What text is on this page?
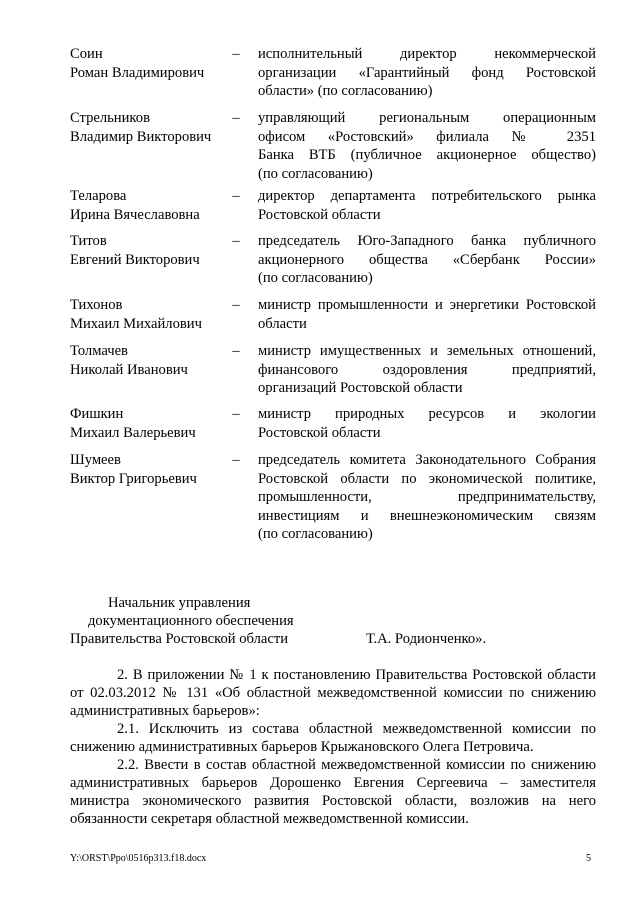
Соин
Роман Владимирович
– исполнительный директор некоммерческой
организации «Гарантийный фонд Ростовской
области» (по согласованию)
Стрельников
Владимир Викторович
– управляющий региональным операционным
офисом «Ростовский» филиала № 2351
Банка ВТБ (публичное акционерное общество)
(по согласованию)
Теларова
Ирина Вячеславовна
– директор департамента потребительского рынка
Ростовской области
Титов
Евгений Викторович
– председатель Юго-Западного банка публичного
акционерного общества «Сбербанк России»
(по согласованию)
Тихонов
Михаил Михайлович
– министр промышленности и энергетики Ростовской
области
Толмачев
Николай Иванович
– министр имущественных и земельных отношений,
финансового оздоровления предприятий,
организаций Ростовской области
Фишкин
Михаил Валерьевич
– министр природных ресурсов и экологии
Ростовской области
Шумеев
Виктор Григорьевич
– председатель комитета Законодательного Собрания
Ростовской области по экономической политике,
промышленности, предпринимательству,
инвестициям и внешнеэкономическим связям
(по согласованию)
Начальник управления
документационного обеспечения
Правительства Ростовской области	Т.А. Родионченко».
2. В приложении № 1 к постановлению Правительства Ростовской области
от 02.03.2012 № 131 «Об областной межведомственной комиссии по снижению
административных барьеров»:
2.1. Исключить из состава областной межведомственной комиссии по
снижению административных барьеров Крыжановского Олега Петровича.
2.2. Ввести в состав областной межведомственной комиссии по снижению
административных барьеров Дорошенко Евгения Сергеевича – заместителя
министра экономического развития Ростовской области, возложив на него
обязанности секретаря областной межведомственной комиссии.
Y:\ORST\Ppo\0516p313.f18.docx	5
